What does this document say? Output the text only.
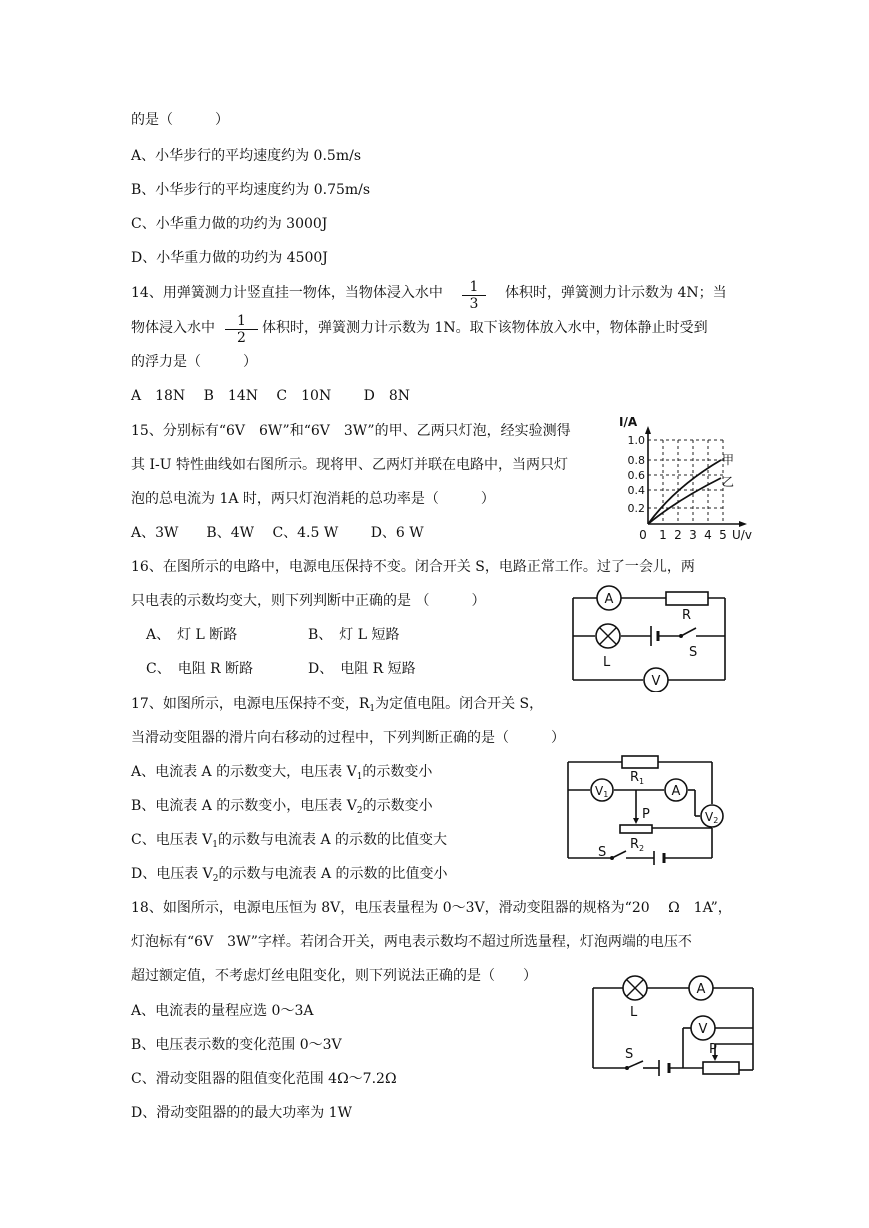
的是（　　　）
A、小华步行的平均速度约为 0.5m/s
B、小华步行的平均速度约为 0.75m/s
C、小华重力做的功约为 3000J
D、小华重力做的功约为 4500J
14、用弹簧测力计竖直挂一物体，当物体浸入水中	1
3
体积时，弹簧测力计示数为 4N；当
物体浸入水中	1
2
体积时，弹簧测力计示数为 1N。取下该物体放入水中，物体静止时受到
的浮力是（　　　）
A　18N　 B　14N　 C　10N　　 D　8N
15、分别标有“6V　6W”和“6V　3W”的甲、乙两只灯泡，经实验测得
其 I-U 特性曲线如右图所示。现将甲、乙两灯并联在电路中，当两只灯
泡的总电流为 1A 时，两只灯泡消耗的总功率是（　　　）
A、3W　　B、4W　 C、4.5 W　　 D、6 W
I/A
甲
乙
1.0
0.8
0.6
0.4
0.2
0 1 2 3 4 5 U/v
16、在图所示的电路中，电源电压保持不变。闭合开关 S，电路正常工作。过了一会儿，两
只电表的示数均变大，则下列判断中正确的是 （　　　）
A、　灯 L 断路	B、　灯 L 短路
C、　电阻 R 断路	D、　电阻 R 短路
A
R
L
S
V
17、如图所示，电源电压保持不变，$R_1$为定值电阻。闭合开关 S，
当滑动变阻器的滑片向右移动的过程中，下列判断正确的是（　　　）
A、电流表 A 的示数变大，电压表 $V_1$的示数变小
B、电流表 A 的示数变小，电压表 $V_2$的示数变小
C、电压表 $V_1$的示数与电流表 A 的示数的比值变大
D、电压表 $V_2$的示数与电流表 A 的示数的比值变小
$R_1$
V1	A
V2
P
$R_2$
S
18、如图所示，电源电压恒为 8V，电压表量程为 0～3V，滑动变阻器的规格为“20　 Ω　1A”，
灯泡标有“6V　3W”字样。若闭合开关，两电表示数均不超过所选量程，灯泡两端的电压不
超过额定值，不考虑灯丝电阻变化，则下列说法正确的是（　　）
A、电流表的量程应选 0～3A
B、电压表示数的变化范围 0～3V
C、滑动变阻器的阻值变化范围 4Ω～7.2Ω
D、滑动变阻器的的最大功率为 1W
L
A
V
S	P
